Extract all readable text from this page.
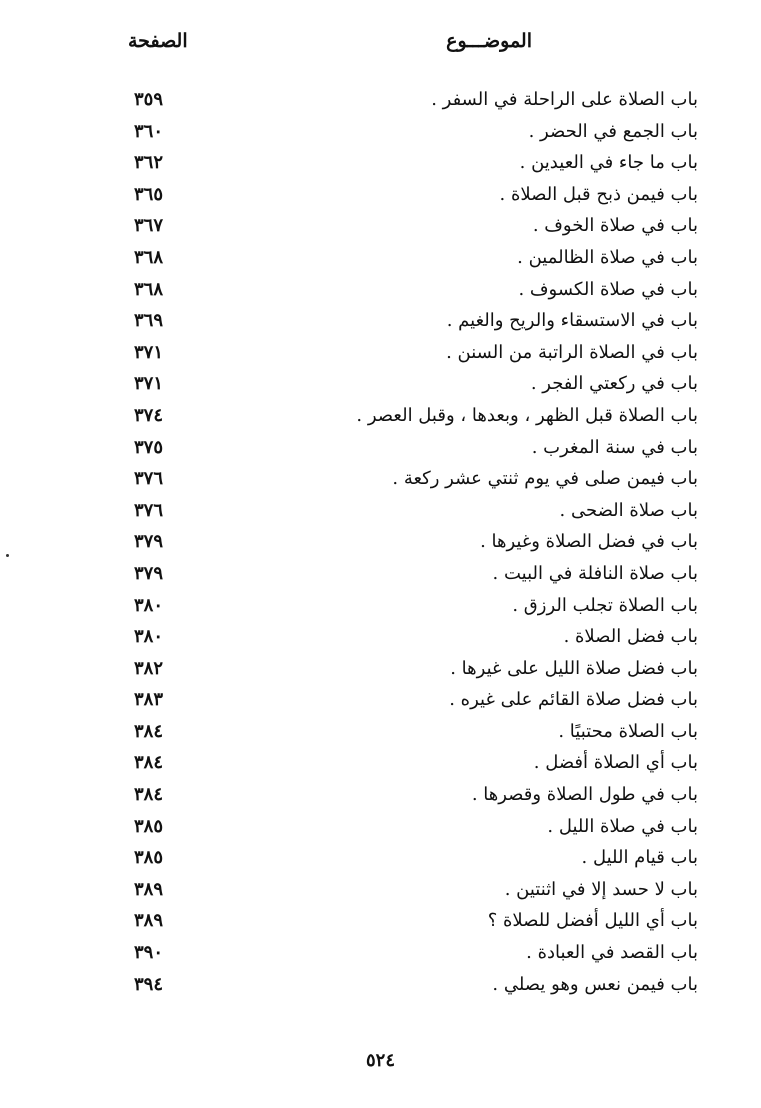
الموضـــوع
الصفحة
باب الصلاة على الراحلة في السفر .
٣٥٩
باب الجمع في الحضر .
٣٦٠
باب ما جاء في العيدين .
٣٦٢
باب فيمن ذبح قبل الصلاة .
٣٦٥
باب في صلاة الخوف .
٣٦٧
باب في صلاة الظالمين .
٣٦٨
باب في صلاة الكسوف .
٣٦٨
باب في الاستسقاء والريح والغيم .
٣٦٩
باب في الصلاة الراتبة من السنن .
٣٧١
باب في ركعتي الفجر .
٣٧١
باب الصلاة قبل الظهر ، وبعدها ، وقبل العصر .
٣٧٤
باب في سنة المغرب .
٣٧٥
باب فيمن صلى في يوم ثنتي عشر ركعة .
٣٧٦
باب صلاة الضحى .
٣٧٦
باب في فضل الصلاة وغيرها .
٣٧٩
باب صلاة النافلة في البيت .
٣٧٩
باب الصلاة تجلب الرزق .
٣٨٠
باب فضل الصلاة .
٣٨٠
باب فضل صلاة الليل على غيرها .
٣٨٢
باب فضل صلاة القائم على غيره .
٣٨٣
باب الصلاة محتبيًا .
٣٨٤
باب أي الصلاة أفضل .
٣٨٤
باب في طول الصلاة وقصرها .
٣٨٤
باب في صلاة الليل .
٣٨٥
باب قيام الليل .
٣٨٥
باب لا حسد إلا في اثنتين .
٣٨٩
باب أي الليل أفضل للصلاة ؟
٣٨٩
باب القصد في العبادة .
٣٩٠
باب فيمن نعس وهو يصلي .
٣٩٤
٥٢٤
